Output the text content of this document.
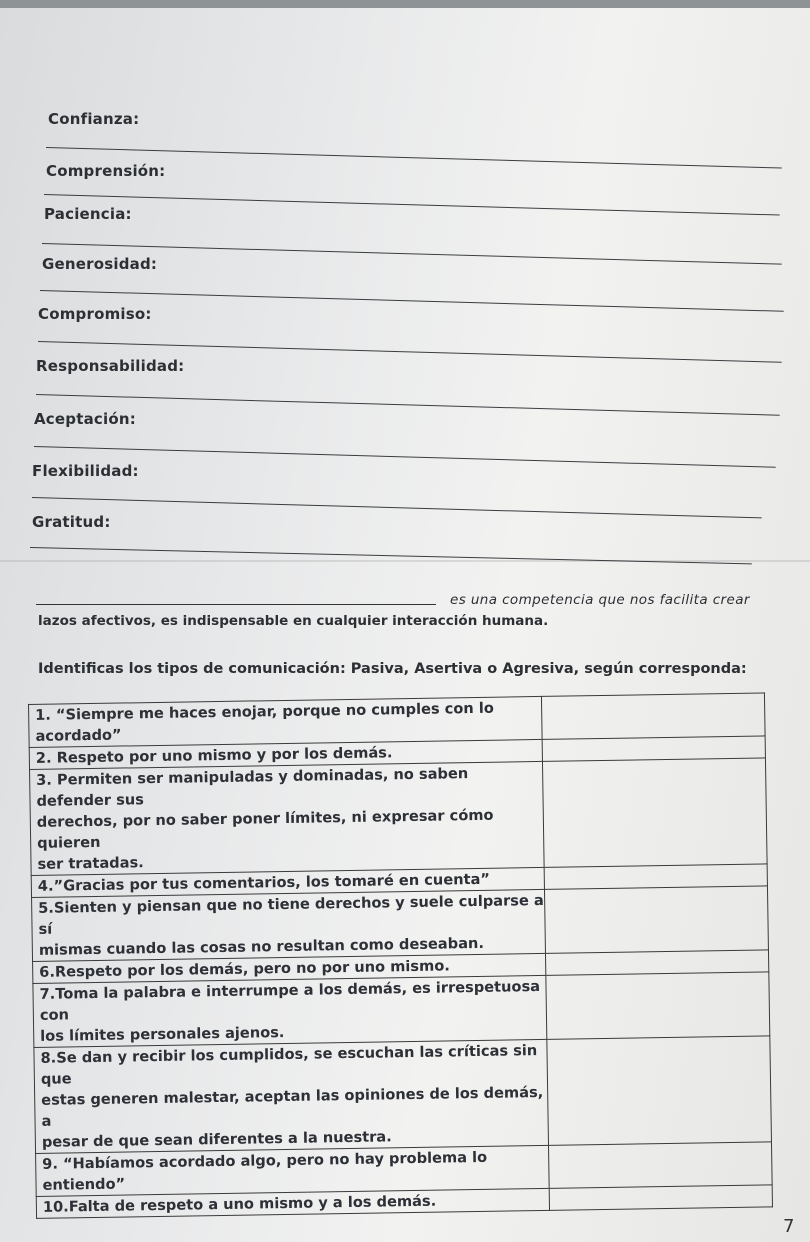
Confianza:
Comprensión:
Paciencia:
Generosidad:
Compromiso:
Responsabilidad:
Aceptación:
Flexibilidad:
Gratitud:
es una competencia que nos facilita crear
lazos afectivos, es indispensable en cualquier interacción humana.
Identificas los tipos de comunicación: Pasiva, Asertiva o Agresiva, según corresponda:
1. “Siempre me haces enojar, porque no cumples con lo acordado”	

2. Respeto por uno mismo y por los demás.	

3. Permiten ser manipuladas y dominadas, no saben defender sus
derechos, por no saber poner límites, ni expresar cómo quieren
ser tratadas.	

4.”Gracias por tus comentarios, los tomaré en cuenta”	

5.Sienten y piensan que no tiene derechos y suele culparse a sí
mismas cuando las cosas no resultan como deseaban.	

6.Respeto por los demás, pero no por uno mismo.	

7.Toma la palabra e interrumpe a los demás, es irrespetuosa con
los límites personales ajenos.	

8.Se dan y recibir los cumplidos, se escuchan las críticas sin que
estas generen malestar, aceptan las opiniones de los demás, a
pesar de que sean diferentes a la nuestra.	

9. “Habíamos acordado algo, pero no hay problema lo entiendo”	

10.Falta de respeto a uno mismo y a los demás.	

7
